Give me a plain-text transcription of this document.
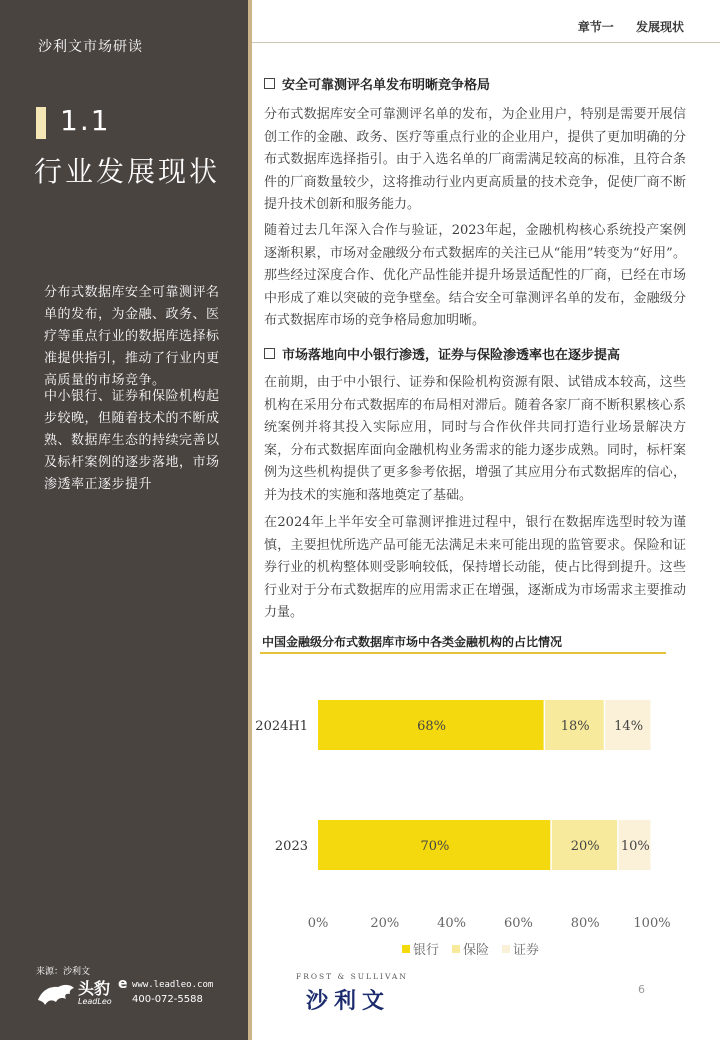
沙利文市场研读
1.1
行业发展现状
分布式数据库安全可靠测评名单的发布，为金融、政务、医疗等重点行业的数据库选择标准提供指引，推动了行业内更高质量的市场竞争。
中小银行、证券和保险机构起步较晚，但随着技术的不断成熟、数据库生态的持续完善以及标杆案例的逐步落地，市场渗透率正逐步提升
来源：沙利文
头豹
LeadLeo
e www.leadleo.com
400-072-5588
章节一 发展现状
安全可靠测评名单发布明晰竞争格局
分布式数据库安全可靠测评名单的发布，为企业用户，特别是需要开展信创工作的金融、政务、医疗等重点行业的企业用户，提供了更加明确的分布式数据库选择指引。由于入选名单的厂商需满足较高的标准，且符合条件的厂商数量较少，这将推动行业内更高质量的技术竞争，促使厂商不断提升技术创新和服务能力。
随着过去几年深入合作与验证，2023年起，金融机构核心系统投产案例逐渐积累，市场对金融级分布式数据库的关注已从“能用”转变为“好用”。那些经过深度合作、优化产品性能并提升场景适配性的厂商，已经在市场中形成了难以突破的竞争壁垒。结合安全可靠测评名单的发布，金融级分布式数据库市场的竞争格局愈加明晰。
市场落地向中小银行渗透，证券与保险渗透率也在逐步提高
在前期，由于中小银行、证券和保险机构资源有限、试错成本较高，这些机构在采用分布式数据库的布局相对滞后。随着各家厂商不断积累核心系统案例并将其投入实际应用，同时与合作伙伴共同打造行业场景解决方案，分布式数据库面向金融机构业务需求的能力逐步成熟。同时，标杆案例为这些机构提供了更多参考依据，增强了其应用分布式数据库的信心，并为技术的实施和落地奠定了基础。
在2024年上半年安全可靠测评推进过程中，银行在数据库选型时较为谨慎，主要担忧所选产品可能无法满足未来可能出现的监管要求。保险和证券行业的机构整体则受影响较低，保持增长动能，使占比得到提升。这些行业对于分布式数据库的应用需求正在增强，逐渐成为市场需求主要推动力量。
中国金融级分布式数据库市场中各类金融机构的占比情况
2024H1	68%	18% 14%
2023	70%	20% 10%
0%	20%	40%	60%	80%	100%
银行 保险 证券
FROST & SULLIVAN
沙利文	6
